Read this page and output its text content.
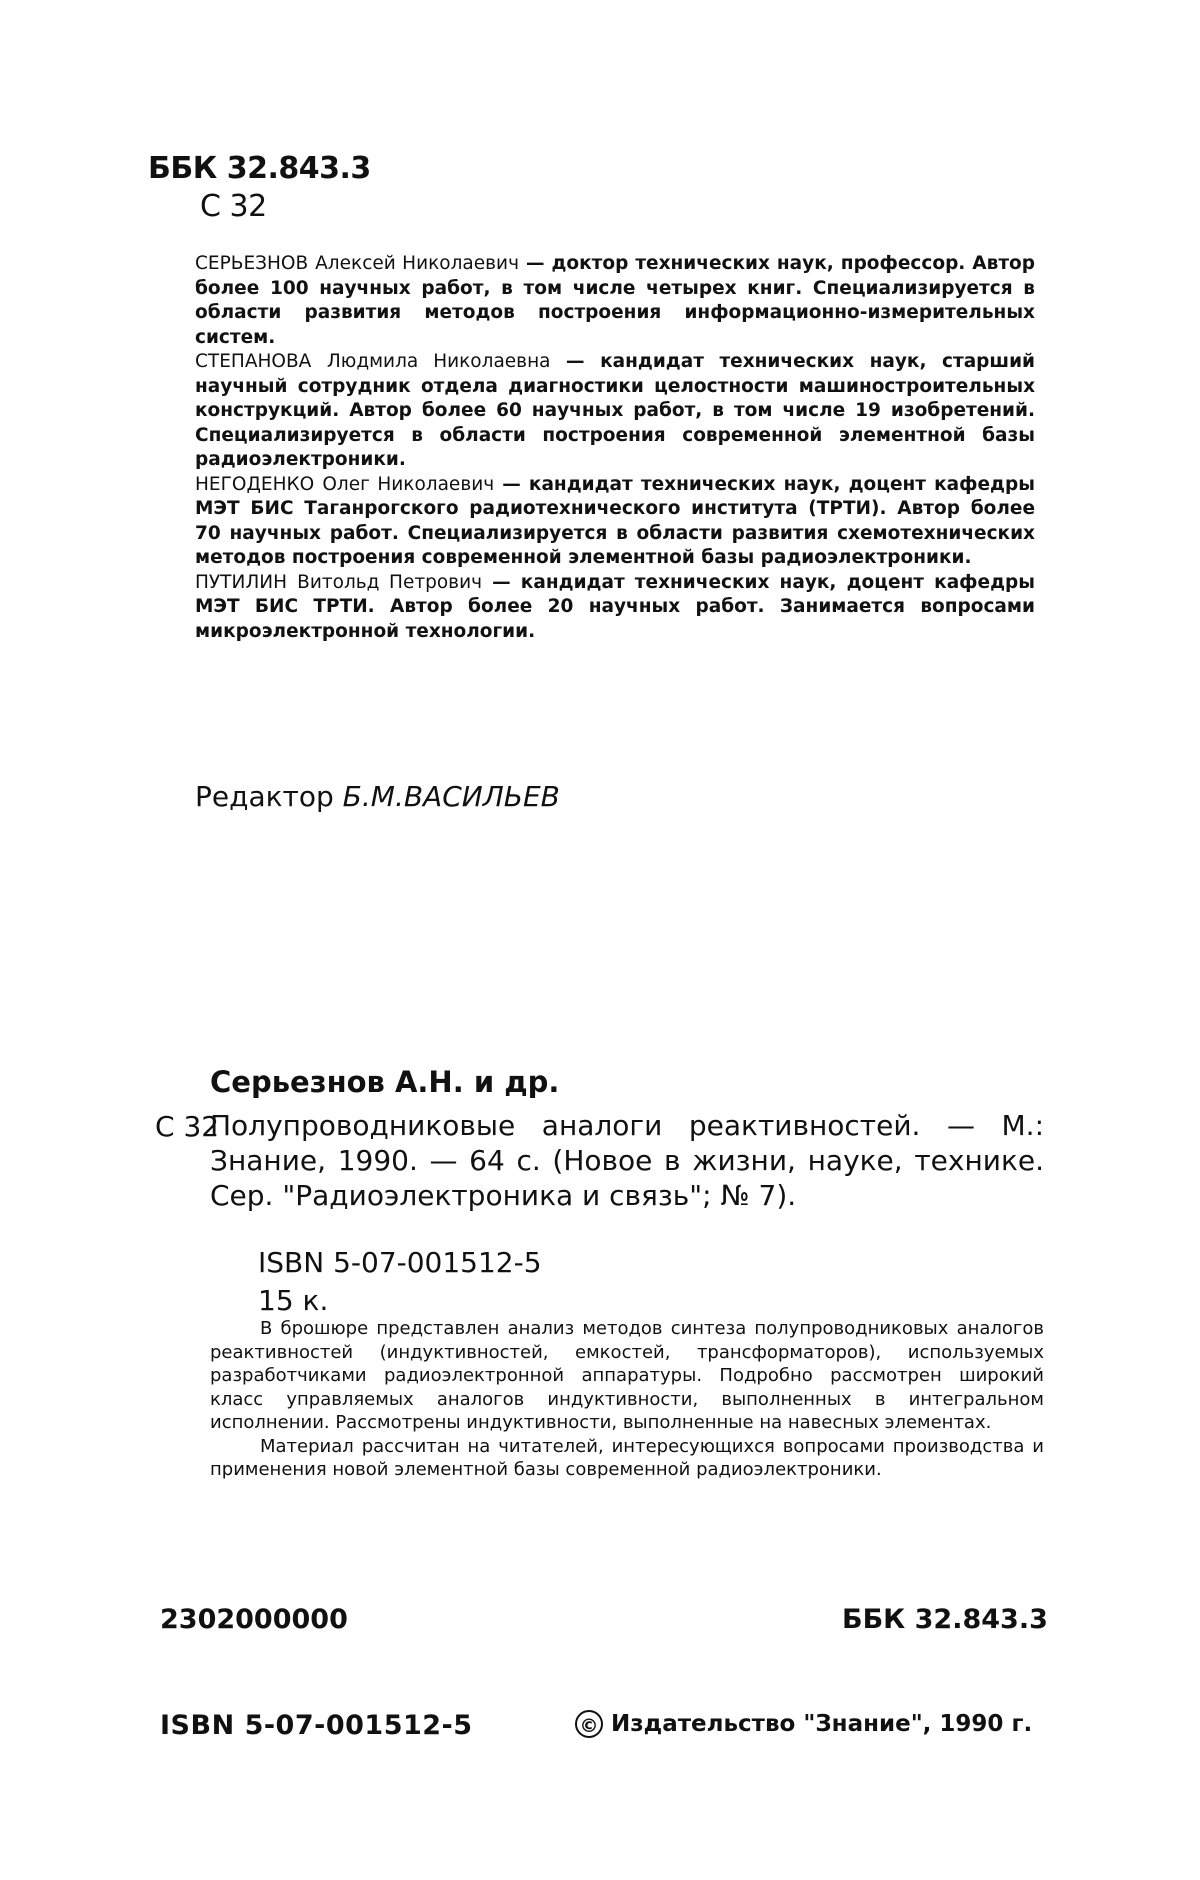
ББК 32.843.3
С 32

СЕРЬЕЗНОВ Алексей Николаевич — доктор технических наук, профессор. Автор более 100 научных работ, в том числе четырех книг. Специализируется в области развития методов построения информационно-измерительных систем.

СТЕПАНОВА Людмила Николаевна — кандидат технических наук, старший научный сотрудник отдела диагностики целостности машиностроительных конструкций. Автор более 60 научных работ, в том числе 19 изобретений. Специализируется в области построения современной элементной базы радиоэлектроники.

НЕГОДЕНКО Олег Николаевич — кандидат технических наук, доцент кафедры МЭТ БИС Таганрогского радиотехнического института (ТРТИ). Автор более 70 научных работ. Специализируется в области развития схемотехнических методов построения современной элементной базы радиоэлектроники.

ПУТИЛИН Витольд Петрович — кандидат технических наук, доцент кафедры МЭТ БИС ТРТИ. Автор более 20 научных работ. Занимается вопросами микроэлектронной технологии.

Редактор Б.М.ВАСИЛЬЕВ
Серьезнов А.Н. и др.
С 32

Полупроводниковые аналоги реактивностей. — М.: Знание, 1990. — 64 с. (Новое в жизни, науке, технике. Сер. "Радиоэлектроника и связь"; № 7).

ISBN 5-07-001512-5
15 к.

В брошюре представлен анализ методов синтеза полупроводниковых аналогов реактивностей (индуктивностей, емкостей, трансформаторов), используемых разработчиками радиоэлектронной аппаратуры. Подробно рассмотрен широкий класс управляемых аналогов индуктивности, выполненных в интегральном исполнении. Рассмотрены индуктивности, выполненные на навесных элементах.

Материал рассчитан на читателей, интересующихся вопросами производства и применения новой элементной базы современной радиоэлектроники.

2302000000	ББК 32.843.3
ISBN 5-07-001512-5	© Издательство "Знание", 1990 г.
